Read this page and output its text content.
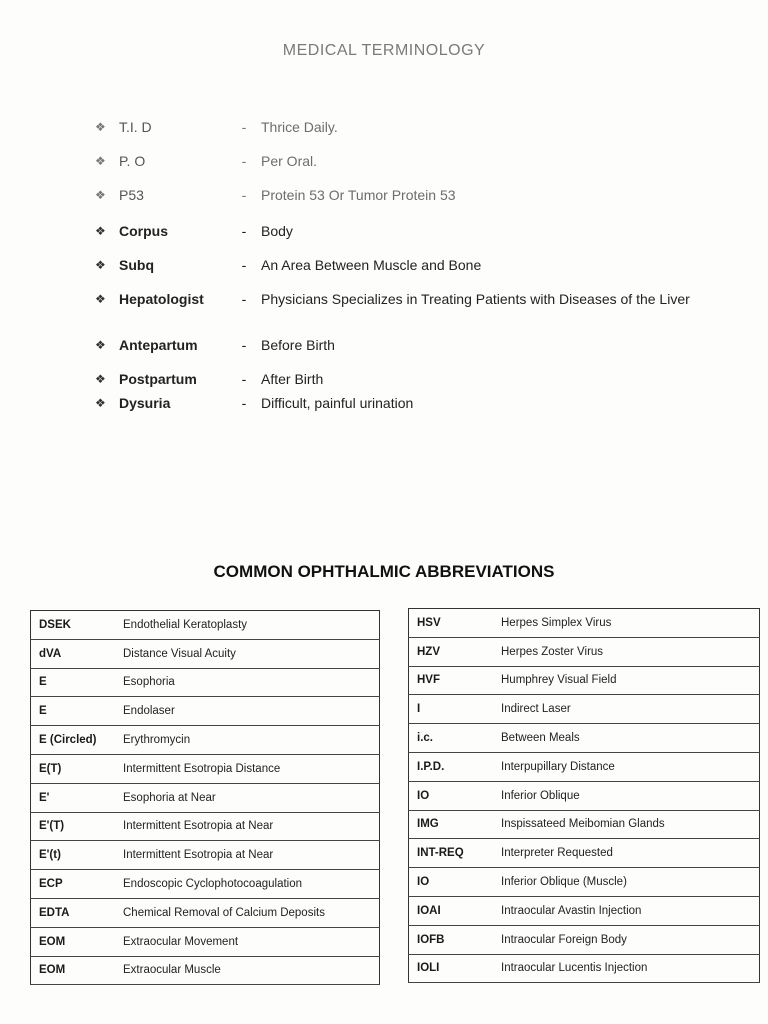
MEDICAL TERMINOLOGY
❖ T.I. D	-	Thrice Daily.
❖ P. O	-	Per Oral.
❖ P53	-	Protein 53 Or Tumor Protein 53
❖ Corpus	-	Body
❖ Subq	-	An Area Between Muscle and Bone
❖ Hepatologist	-	Physicians Specializes in Treating Patients with Diseases of the Liver
❖ Antepartum	-	Before Birth
❖ Postpartum	-	After Birth
❖ Dysuria	-	Difficult, painful urination
COMMON OPHTHALMIC ABBREVIATIONS
DSEK	Endothelial Keratoplasty
dVA	Distance Visual Acuity
E	Esophoria
E	Endolaser
E (Circled)	Erythromycin
E(T)	Intermittent Esotropia Distance
E'	Esophoria at Near
E'(T)	Intermittent Esotropia at Near
E'(t)	Intermittent Esotropia at Near
ECP	Endoscopic Cyclophotocoagulation
EDTA	Chemical Removal of Calcium Deposits
EOM	Extraocular Movement
EOM	Extraocular Muscle
HSV	Herpes Simplex Virus
HZV	Herpes Zoster Virus
HVF	Humphrey Visual Field
I	Indirect Laser
i.c.	Between Meals
I.P.D.	Interpupillary Distance
IO	Inferior Oblique
IMG	Inspissateed Meibomian Glands
INT-REQ	Interpreter Requested
IO	Inferior Oblique (Muscle)
IOAI	Intraocular Avastin Injection
IOFB	Intraocular Foreign Body
IOLI	Intraocular Lucentis Injection
